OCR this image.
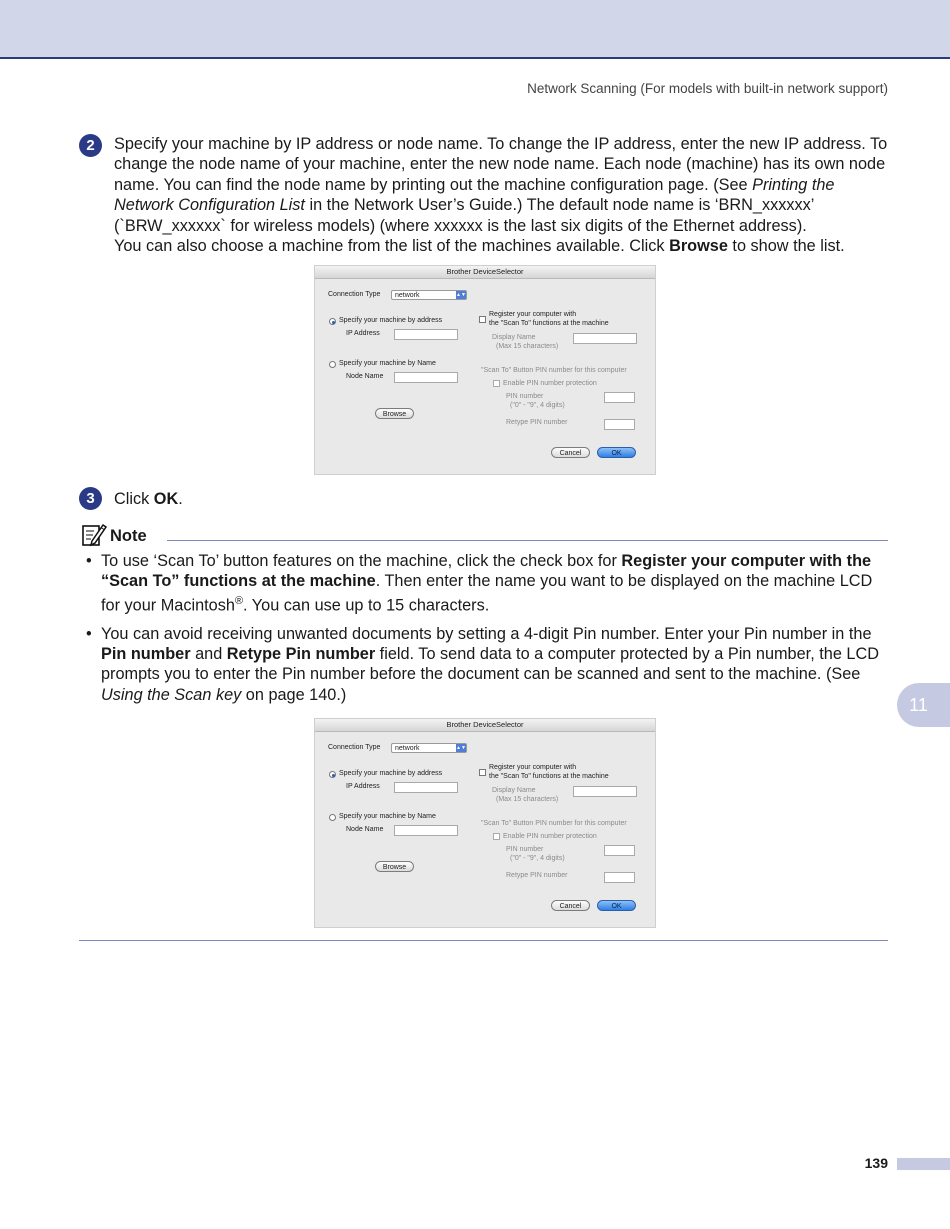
Network Scanning (For models with built-in network support)
2	Specify your machine by IP address or node name. To change the IP address, enter the new IP address. To change the node name of your machine, enter the new node name. Each node (machine) has its own node name. You can find the node name by printing out the machine configuration page. (See Printing the Network Configuration List in the Network User’s Guide.) The default node name is ‘BRN_xxxxxx’ (`BRW_xxxxxx` for wireless models) (where xxxxxx is the last six digits of the Ethernet address).

You can also choose a machine from the list of the machines available. Click Browse to show the list.

Brother DeviceSelector
Connection Type	network	▲▼
Specify your machine by address
IP Address
Specify your machine by Name
Node Name
Browse
Register your computer with
the "Scan To" functions at the machine
Display Name
(Max 15 characters)
"Scan To" Button PIN number for this computer
Enable PIN number protection
PIN number
("0" - "9", 4 digits)
Retype PIN number
Cancel	OK
3	Click OK.
Note
• To use ‘Scan To’ button features on the machine, click the check box for Register your computer with the “Scan To” functions at the machine. Then enter the name you want to be displayed on the machine LCD for your Macintosh®. You can use up to 15 characters.
• You can avoid receiving unwanted documents by setting a 4-digit Pin number. Enter your Pin number in the Pin number and Retype Pin number field. To send data to a computer protected by a Pin number, the LCD prompts you to enter the Pin number before the document can be scanned and sent to the machine. (See Using the Scan key on page 140.)
Brother DeviceSelector
Connection Type	network	▲▼
Specify your machine by address
IP Address
Specify your machine by Name
Node Name
Browse
Register your computer with
the "Scan To" functions at the machine
Display Name
(Max 15 characters)
"Scan To" Button PIN number for this computer
Enable PIN number protection
PIN number
("0" - "9", 4 digits)
Retype PIN number
Cancel	OK
11
139
